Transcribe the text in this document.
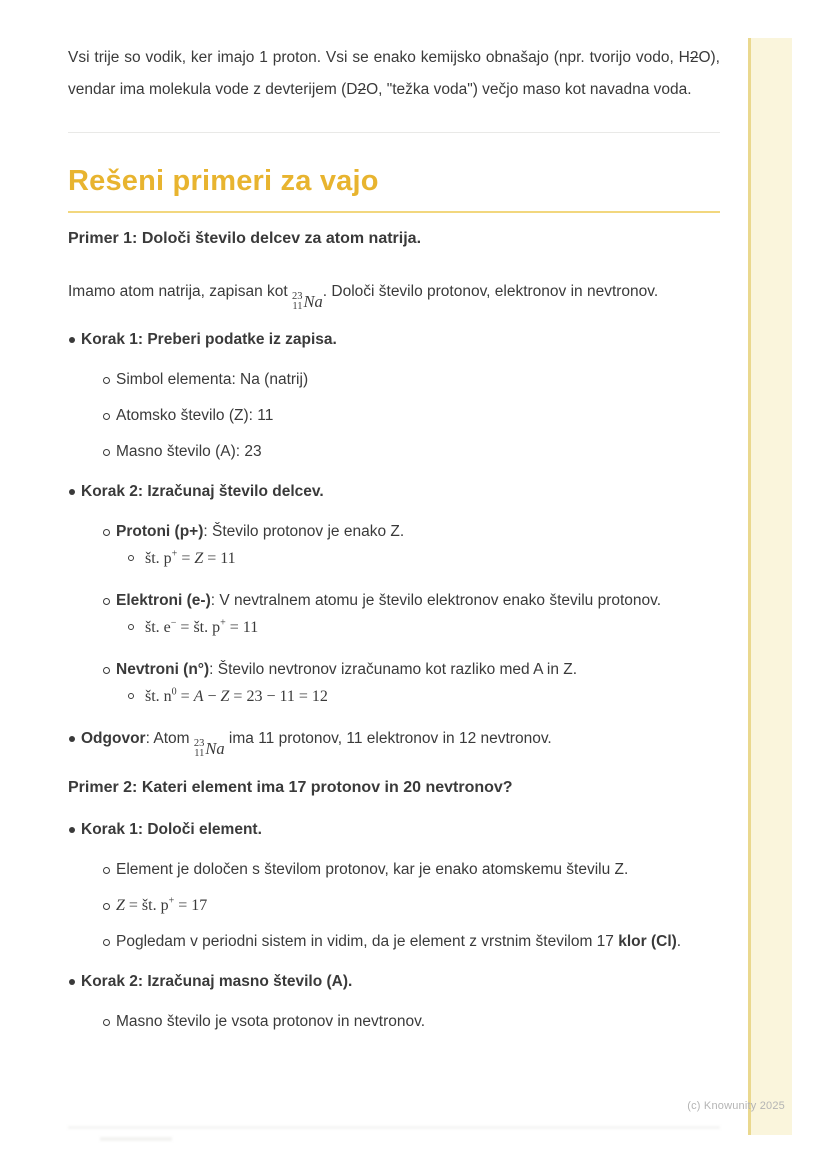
Vsi trije so vodik, ker imajo 1 proton. Vsi se enako kemijsko obnašajo (npr. tvorijo vodo, H2O), vendar ima molekula vode z devterijem (D2O, "težka voda") večjo maso kot navadna voda.

Rešeni primeri za vajo

Primer 1: Določi število delcev za atom natrija.

Imamo atom natrija, zapisan kot 23
11 Na . Določi število protonov, elektronov in nevtronov.

Korak 1: Preberi podatke iz zapisa.
Simbol elementa: Na (natrij)
Atomsko število (Z): 11
Masno število (A): 23
Korak 2: Izračunaj število delcev.
Protoni (p+): Število protonov je enako Z.
št. p+ = Z = 11
Elektroni (e-): V nevtralnem atomu je število elektronov enako številu protonov.
št. e− = št. p+ = 11
Nevtroni (n°): Število nevtronov izračunamo kot razliko med A in Z.
št. $n^0 = A - Z = 23 - 11 = 12$
Odgovor: Atom 23
11 Na ima 11 protonov, 11 elektronov in 12 nevtronov.

Primer 2: Kateri element ima 17 protonov in 20 nevtronov?

Korak 1: Določi element.
Element je določen s številom protonov, kar je enako atomskemu številu Z.
Z = št. p+ = 17
Pogledam v periodni sistem in vidim, da je element z vrstnim številom 17 klor (Cl).
Korak 2: Izračunaj masno število (A).
Masno število je vsota protonov in nevtronov.
(c) Knowunity 2025
